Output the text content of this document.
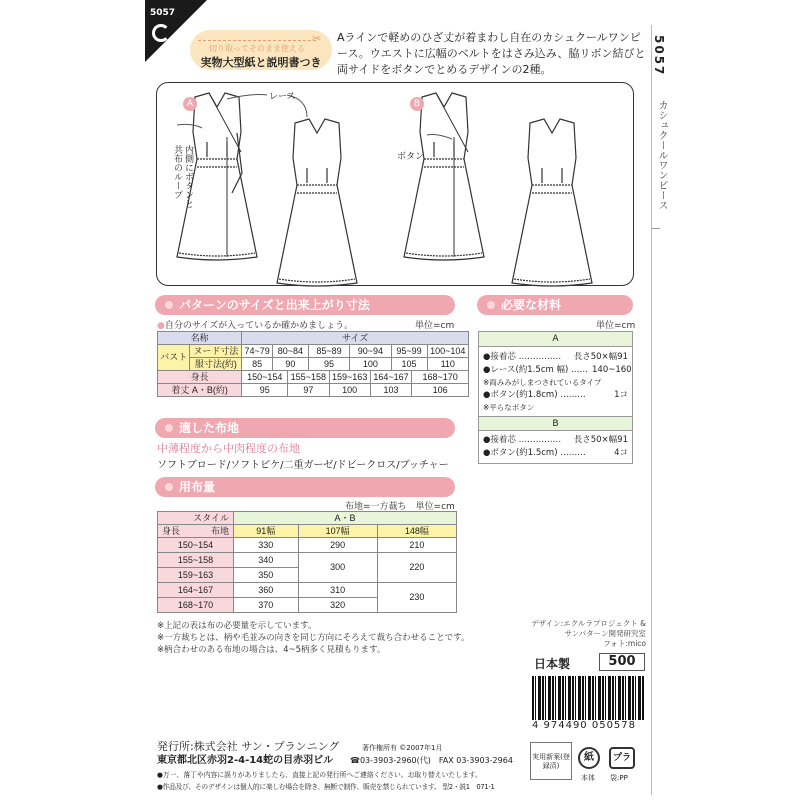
5057
切り取ってそのまま使える
実物大型紙と説明書つき
✂ Aラインで軽めのひざ丈が着まわし自在のカシュクールワンピース。ウエストに広幅のベルトをはさみ込み、脇リボン結びと両サイドをボタンでとめるデザインの2種。	5057
カシュクールワンピース
A	B
レース
ボタン
内側にボタンと共布のループ
パターンのサイズと出来上がり寸法
●自分のサイズが入っているか確かめましょう。	単位=cm
名称		サイズ									
バスト	ヌード寸法	74~79	80~84		85~89		90~94		95~99		100~104
	服寸法(約)	85	90		95		100		105		110
身長		150~154		155~158		159~163		164~167		168~170	
着丈 A・B(約)		95		97		100		103		106	
適した布地
中薄程度から中肉程度の布地
ソフトブロード/ソフトピケ/二重ガーゼ/ドビークロス/ブッチャー
用布量
布地=一方裁ち　単位=cm
スタイル	A・B		
身長 布地	91幅	107幅	148幅
150~154	330	290	210
155~158	340	300	220
159~163	350		
164~167	360	310	230
168~170	370	320	
※上記の表は布の必要量を示しています。
※一方裁ちとは、柄や毛並みの向きを同じ方向にそろえて裁ち合わせることです。
※柄合わせのある布地の場合は、4~5柄多く見積もります。
必要な材料
単位=cm
A
●接着芯 …………… 長さ50×幅91
●レース(約1.5cm 幅) …… 140~160
※両みみがしまつされているタイプ
●ボタン(約1.8cm) ………	1コ
※平らなボタン
B
●接着芯 …………… 長さ50×幅91
●ボタン(約1.5cm) ………	4コ
デザイン:エクルラプロジェクト &
サンパターン開発研究室
フォト:mico
日本製	500
4 974490 050578
発行所:株式会社 サン・プランニング	著作権所有 ©2007年1月
東京都北区赤羽2-4-14蛇の目赤羽ビル ☎03-3903-2960(代)　FAX 03-3903-2964
●万一、落丁や内容に誤りがありましたら、直接上記の発行所へご連絡ください。お取り替えいたします。
●作品及び、そのデザインは個人的に楽しむ場合を除き、無断で制作、販売を禁じられています。 型2・説1　071-1
実用新案(登録済)
紙
本体
プラ
袋:PP
